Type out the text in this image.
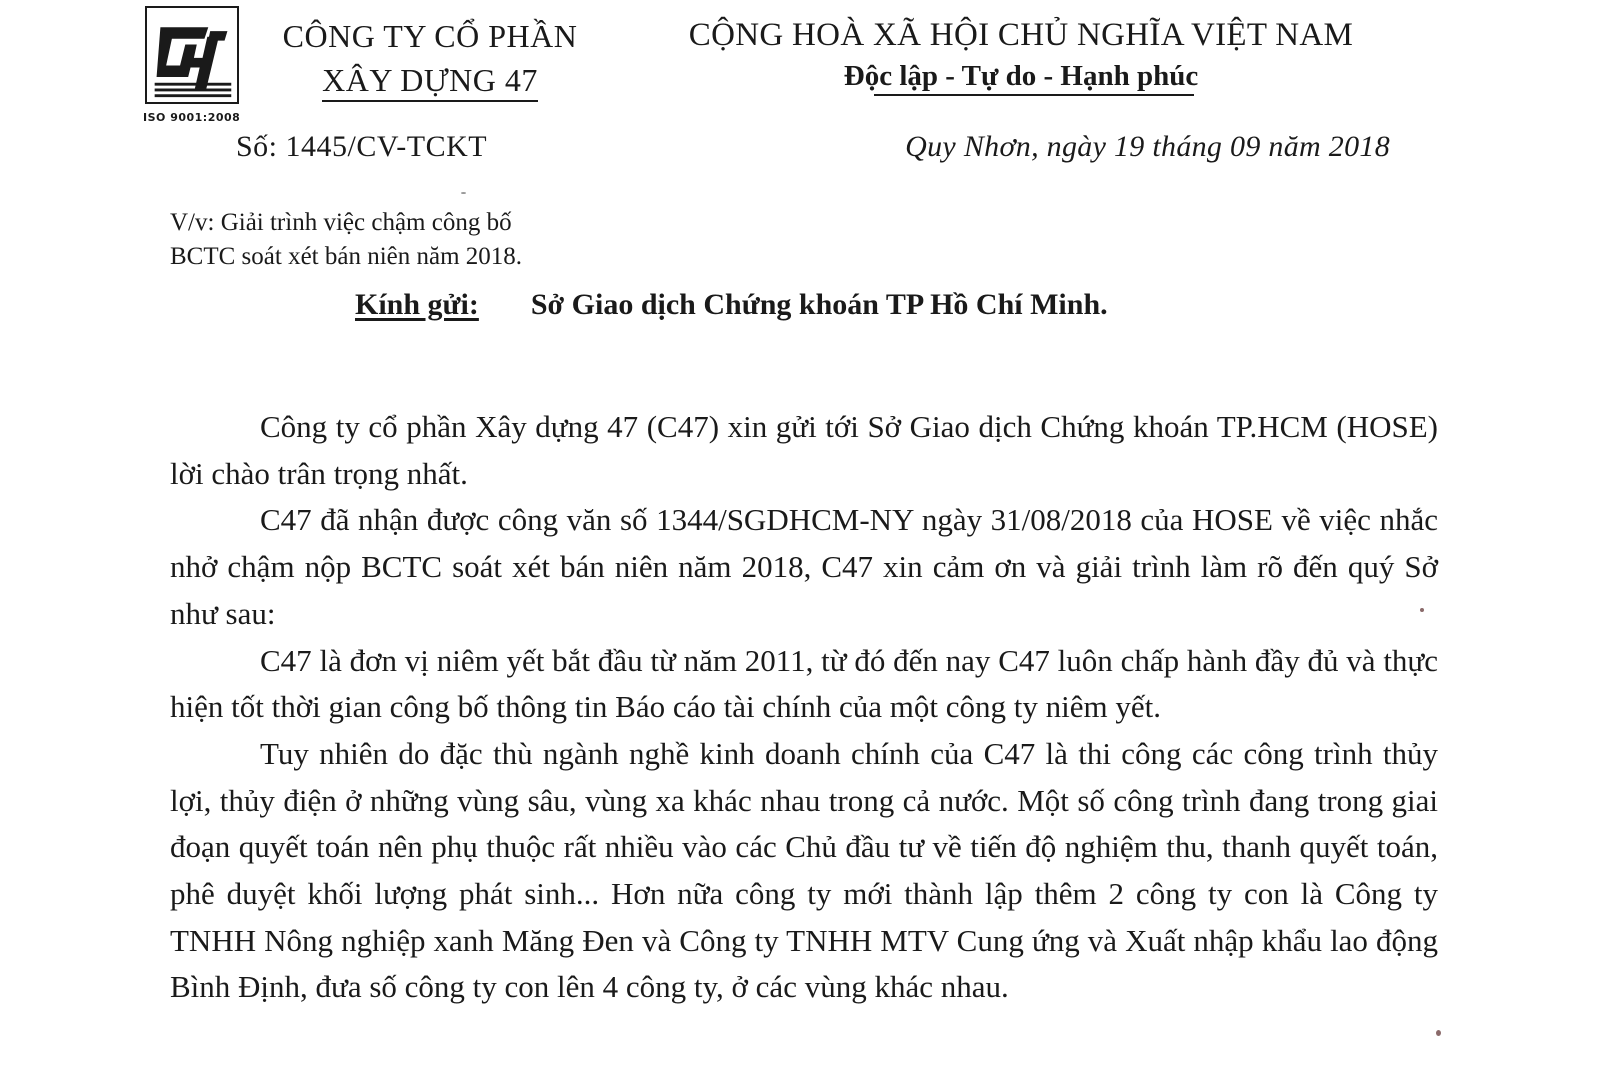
ISO 9001:2008
CÔNG TY CỔ PHẦN
XÂY DỰNG 47
CỘNG HOÀ XÃ HỘI CHỦ NGHĨA VIỆT NAM
Độc lập - Tự do - Hạnh phúc
Số: 1445/CV-TCKT	Quy Nhơn, ngày 19 tháng 09 năm 2018
V/v: Giải trình việc chậm công bố
BCTC soát xét bán niên năm 2018.
Kính gửi: Sở Giao dịch Chứng khoán TP Hồ Chí Minh.

Công ty cổ phần Xây dựng 47 (C47) xin gửi tới Sở Giao dịch Chứng khoán TP.HCM (HOSE) lời chào trân trọng nhất.

C47 đã nhận được công văn số 1344/SGDHCM-NY ngày 31/08/2018 của HOSE về việc nhắc nhở chậm nộp BCTC soát xét bán niên năm 2018, C47 xin cảm ơn và giải trình làm rõ đến quý Sở như sau:

C47 là đơn vị niêm yết bắt đầu từ năm 2011, từ đó đến nay C47 luôn chấp hành đầy đủ và thực hiện tốt thời gian công bố thông tin Báo cáo tài chính của một công ty niêm yết.

Tuy nhiên do đặc thù ngành nghề kinh doanh chính của C47 là thi công các công trình thủy lợi, thủy điện ở những vùng sâu, vùng xa khác nhau trong cả nước. Một số công trình đang trong giai đoạn quyết toán nên phụ thuộc rất nhiều vào các Chủ đầu tư về tiến độ nghiệm thu, thanh quyết toán, phê duyệt khối lượng phát sinh... Hơn nữa công ty mới thành lập thêm 2 công ty con là Công ty TNHH Nông nghiệp xanh Măng Đen và Công ty TNHH MTV Cung ứng và Xuất nhập khẩu lao động Bình Định, đưa số công ty con lên 4 công ty, ở các vùng khác nhau.
